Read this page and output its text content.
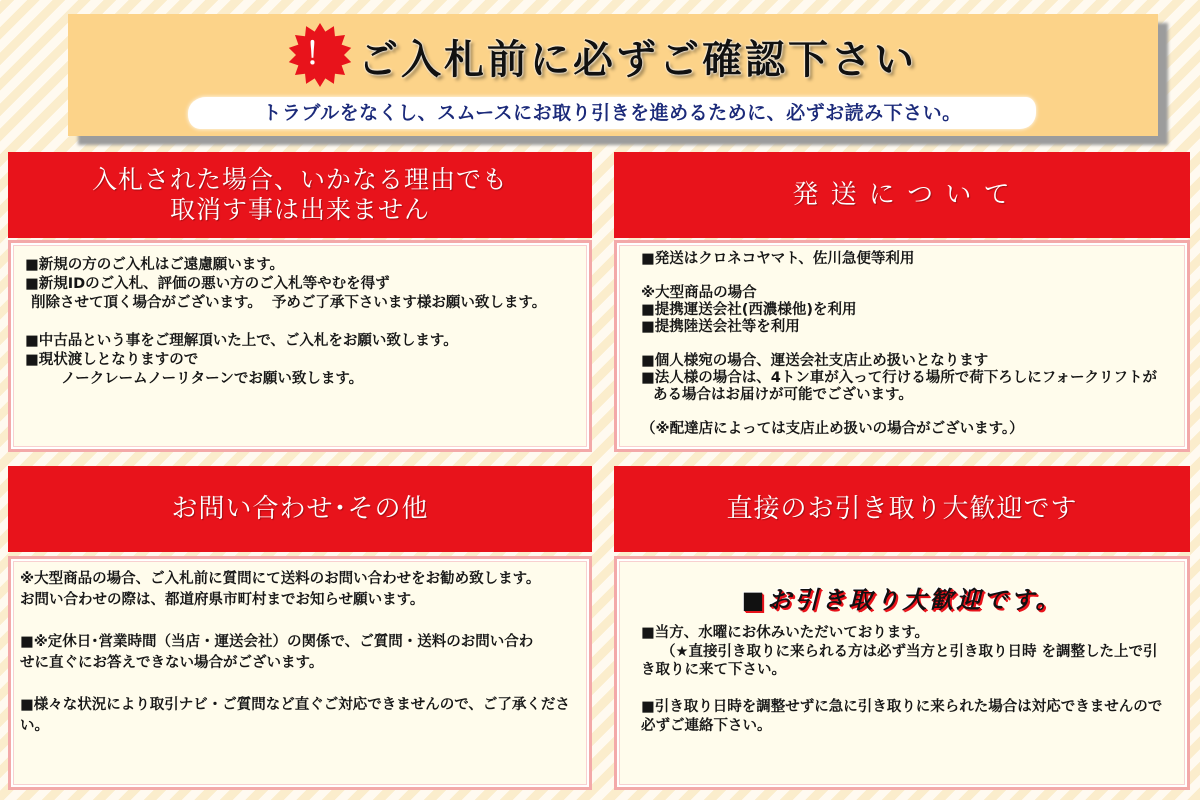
！ ご入札前に必ずご確認下さい
トラブルをなくし、スムースにお取り引きを進めるために、必ずお読み下さい。
入札された場合、いかなる理由でも
取消す事は出来ません
■新規の方のご入札はご遠慮願います。
■新規IDのご入札、評価の悪い方のご入札等やむを得ず
削除させて頂く場合がございます。  予めご了承下さいます様お願い致します。
■中古品という事をご理解頂いた上で、ご入札をお願い致します。
■現状渡しとなりますので
ノークレームノーリターンでお願い致します。
発 送 に つ い て
■発送はクロネコヤマト、佐川急便等利用
※大型商品の場合
■提携運送会社(西濃様他)を利用
■提携陸送会社等を利用
■個人様宛の場合、運送会社支店止め扱いとなります
■法人様の場合は、4トン車が入って行ける場所で荷下ろしにフォークリフトが
ある場合はお届けが可能でございます。
（※配達店によっては支店止め扱いの場合がございます。）
お問い合わせ･その他
※大型商品の場合、ご入札前に質問にて送料のお問い合わせをお勧め致します。
お問い合わせの際は、都道府県市町村までお知らせ願います。
■※定休日･営業時間（当店・運送会社）の関係で、ご質問・送料のお問い合わ
せに直ぐにお答えできない場合がございます。
■様々な状況により取引ナビ・ご質問など直ぐご対応できませんので、ご了承くださ
い。
直接のお引き取り大歓迎です
■お引き取り大歓迎です。
■当方、水曜にお休みいただいております。
（★直接引き取りに来られる方は必ず当方と引き取り日時 を調整した上で引
き取りに来て下さい。
■引き取り日時を調整せずに急に引き取りに来られた場合は対応できませんので
必ずご連絡下さい。
